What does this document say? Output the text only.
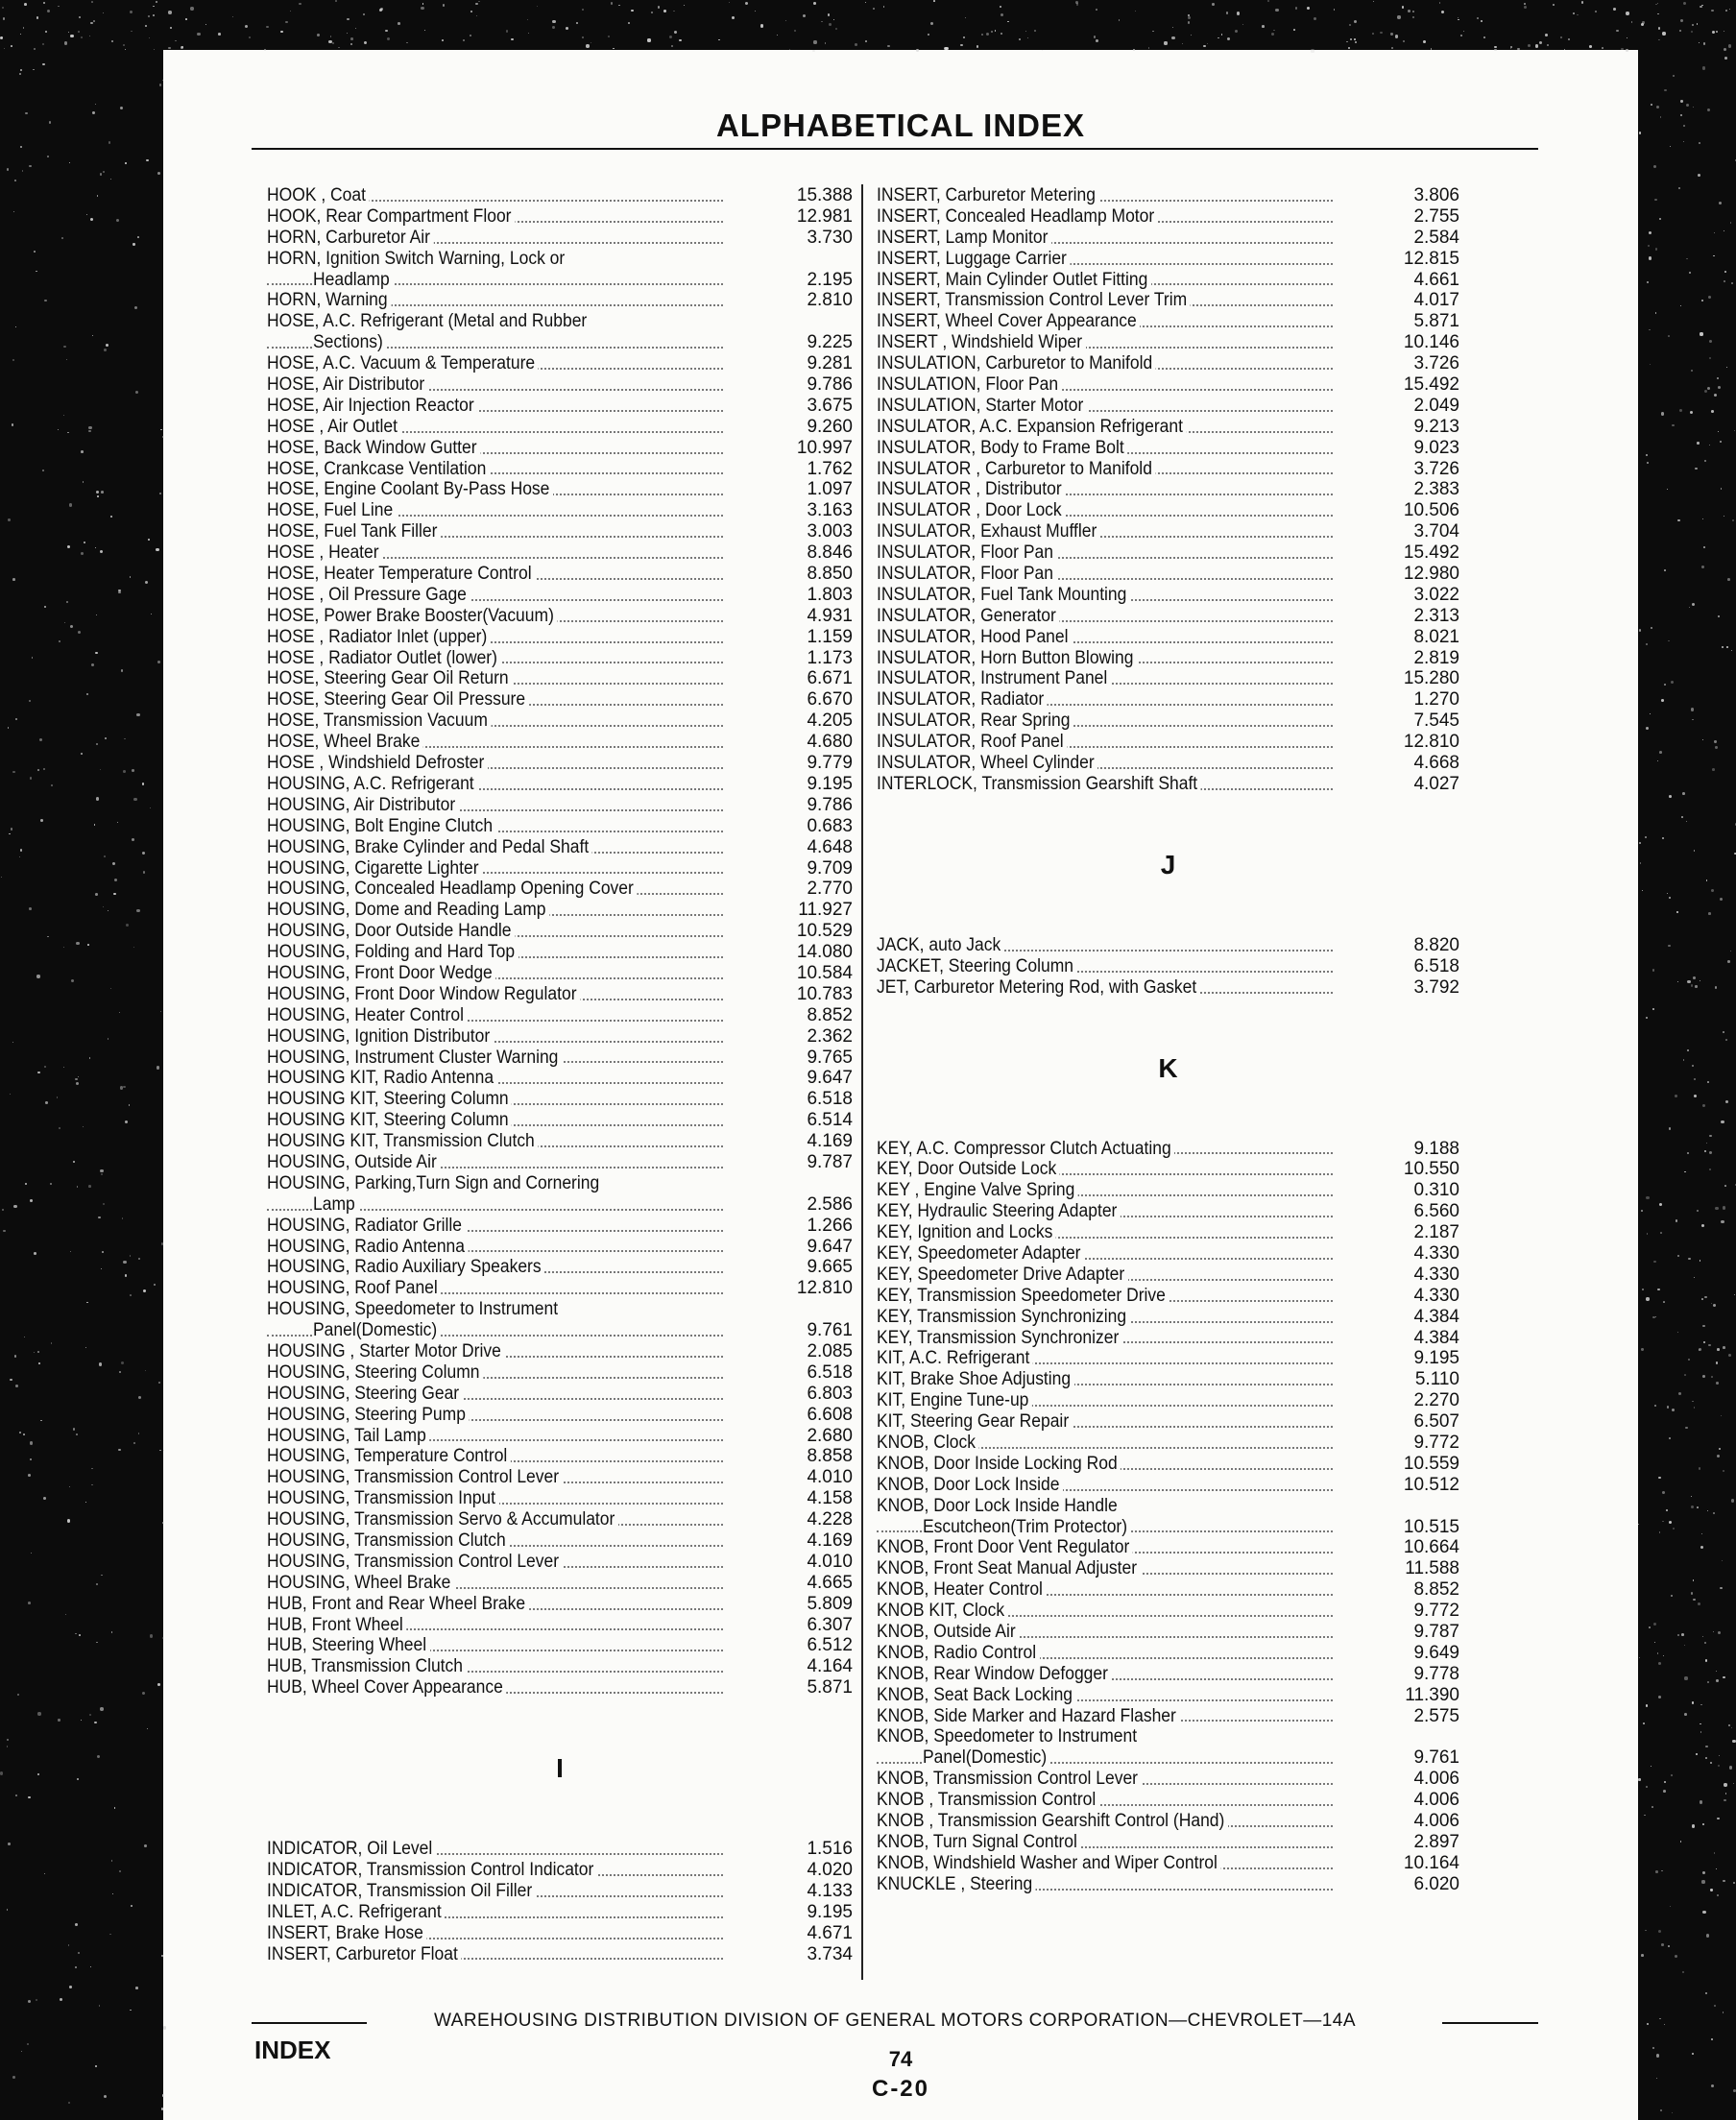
ALPHABETICAL INDEX
HOOK , Coat	15.388
HOOK, Rear Compartment Floor	12.981
HORN, Carburetor Air	3.730
HORN, Ignition Switch Warning, Lock or
Headlamp	2.195
HORN, Warning	2.810
HOSE, A.C. Refrigerant (Metal and Rubber
Sections)	9.225
HOSE, A.C. Vacuum & Temperature	9.281
HOSE, Air Distributor	9.786
HOSE, Air Injection Reactor	3.675
HOSE , Air Outlet	9.260
HOSE, Back Window Gutter	10.997
HOSE, Crankcase Ventilation	1.762
HOSE, Engine Coolant By-Pass Hose	1.097
HOSE, Fuel Line	3.163
HOSE, Fuel Tank Filler	3.003
HOSE , Heater	8.846
HOSE, Heater Temperature Control	8.850
HOSE , Oil Pressure Gage	1.803
HOSE, Power Brake Booster(Vacuum)	4.931
HOSE , Radiator Inlet (upper)	1.159
HOSE , Radiator Outlet (lower)	1.173
HOSE, Steering Gear Oil Return	6.671
HOSE, Steering Gear Oil Pressure	6.670
HOSE, Transmission Vacuum	4.205
HOSE, Wheel Brake	4.680
HOSE , Windshield Defroster	9.779
HOUSING, A.C. Refrigerant	9.195
HOUSING, Air Distributor	9.786
HOUSING, Bolt Engine Clutch	0.683
HOUSING, Brake Cylinder and Pedal Shaft	4.648
HOUSING, Cigarette Lighter	9.709
HOUSING, Concealed Headlamp Opening Cover	2.770
HOUSING, Dome and Reading Lamp	11.927
HOUSING, Door Outside Handle	10.529
HOUSING, Folding and Hard Top	14.080
HOUSING, Front Door Wedge	10.584
HOUSING, Front Door Window Regulator	10.783
HOUSING, Heater Control	8.852
HOUSING, Ignition Distributor	2.362
HOUSING, Instrument Cluster Warning	9.765
HOUSING KIT, Radio Antenna	9.647
HOUSING KIT, Steering Column	6.518
HOUSING KIT, Steering Column	6.514
HOUSING KIT, Transmission Clutch	4.169
HOUSING, Outside Air	9.787
HOUSING, Parking,Turn Sign and Cornering
Lamp	2.586
HOUSING, Radiator Grille	1.266
HOUSING, Radio Antenna	9.647
HOUSING, Radio Auxiliary Speakers	9.665
HOUSING, Roof Panel	12.810
HOUSING, Speedometer to Instrument
Panel(Domestic)	9.761
HOUSING , Starter Motor Drive	2.085
HOUSING, Steering Column	6.518
HOUSING, Steering Gear	6.803
HOUSING, Steering Pump	6.608
HOUSING, Tail Lamp	2.680
HOUSING, Temperature Control	8.858
HOUSING, Transmission Control Lever	4.010
HOUSING, Transmission Input	4.158
HOUSING, Transmission Servo & Accumulator	4.228
HOUSING, Transmission Clutch	4.169
HOUSING, Transmission Control Lever	4.010
HOUSING, Wheel Brake	4.665
HUB, Front and Rear Wheel Brake	5.809
HUB, Front Wheel	6.307
HUB, Steering Wheel	6.512
HUB, Transmission Clutch	4.164
HUB, Wheel Cover Appearance	5.871
I
INDICATOR, Oil Level	1.516
INDICATOR, Transmission Control Indicator	4.020
INDICATOR, Transmission Oil Filler	4.133
INLET, A.C. Refrigerant	9.195
INSERT, Brake Hose	4.671
INSERT, Carburetor Float	3.734
INSERT, Carburetor Metering	3.806
INSERT, Concealed Headlamp Motor	2.755
INSERT, Lamp Monitor	2.584
INSERT, Luggage Carrier	12.815
INSERT, Main Cylinder Outlet Fitting	4.661
INSERT, Transmission Control Lever Trim	4.017
INSERT, Wheel Cover Appearance	5.871
INSERT , Windshield Wiper	10.146
INSULATION, Carburetor to Manifold	3.726
INSULATION, Floor Pan	15.492
INSULATION, Starter Motor	2.049
INSULATOR, A.C. Expansion Refrigerant	9.213
INSULATOR, Body to Frame Bolt	9.023
INSULATOR , Carburetor to Manifold	3.726
INSULATOR , Distributor	2.383
INSULATOR , Door Lock	10.506
INSULATOR, Exhaust Muffler	3.704
INSULATOR, Floor Pan	15.492
INSULATOR, Floor Pan	12.980
INSULATOR, Fuel Tank Mounting	3.022
INSULATOR, Generator	2.313
INSULATOR, Hood Panel	8.021
INSULATOR, Horn Button Blowing	2.819
INSULATOR, Instrument Panel	15.280
INSULATOR, Radiator	1.270
INSULATOR, Rear Spring	7.545
INSULATOR, Roof Panel	12.810
INSULATOR, Wheel Cylinder	4.668
INTERLOCK, Transmission Gearshift Shaft	4.027
J
JACK, auto Jack	8.820
JACKET, Steering Column	6.518
JET, Carburetor Metering Rod, with Gasket	3.792
K
KEY, A.C. Compressor Clutch Actuating	9.188
KEY, Door Outside Lock	10.550
KEY , Engine Valve Spring	0.310
KEY, Hydraulic Steering Adapter	6.560
KEY, Ignition and Locks	2.187
KEY, Speedometer Adapter	4.330
KEY, Speedometer Drive Adapter	4.330
KEY, Transmission Speedometer Drive	4.330
KEY, Transmission Synchronizing	4.384
KEY, Transmission Synchronizer	4.384
KIT, A.C. Refrigerant	9.195
KIT, Brake Shoe Adjusting	5.110
KIT, Engine Tune-up	2.270
KIT, Steering Gear Repair	6.507
KNOB, Clock	9.772
KNOB, Door Inside Locking Rod	10.559
KNOB, Door Lock Inside	10.512
KNOB, Door Lock Inside Handle
Escutcheon(Trim Protector)	10.515
KNOB, Front Door Vent Regulator	10.664
KNOB, Front Seat Manual Adjuster	11.588
KNOB, Heater Control	8.852
KNOB KIT, Clock	9.772
KNOB, Outside Air	9.787
KNOB, Radio Control	9.649
KNOB, Rear Window Defogger	9.778
KNOB, Seat Back Locking	11.390
KNOB, Side Marker and Hazard Flasher	2.575
KNOB, Speedometer to Instrument
Panel(Domestic)	9.761
KNOB, Transmission Control Lever	4.006
KNOB , Transmission Control	4.006
KNOB , Transmission Gearshift Control (Hand)	4.006
KNOB, Turn Signal Control	2.897
KNOB, Windshield Washer and Wiper Control	10.164
KNUCKLE , Steering	6.020
WAREHOUSING DISTRIBUTION DIVISION OF GENERAL MOTORS CORPORATION—CHEVROLET—14A
INDEX	74
C-20
